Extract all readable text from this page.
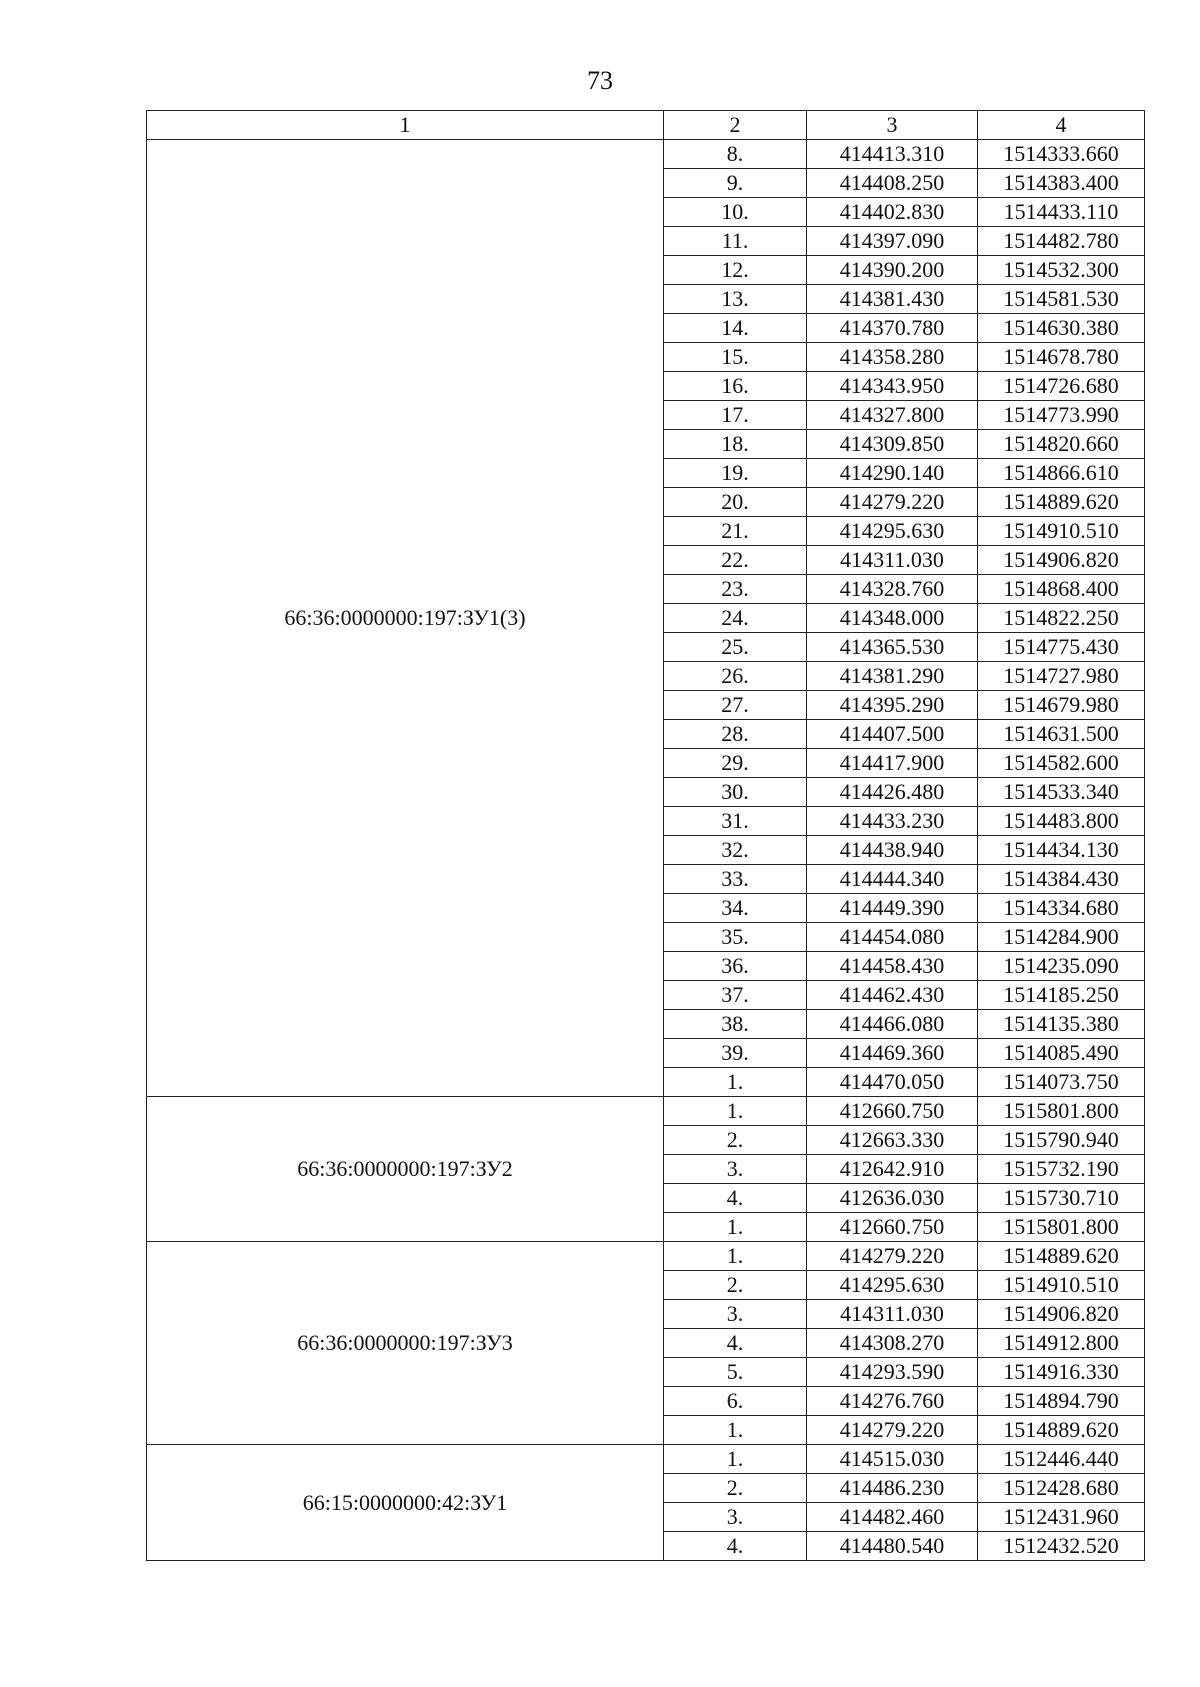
73
1	2	3	4
66:36:0000000:197:ЗУ1(3)	8.	414413.310	1514333.660
	9.	414408.250	1514383.400
	10.	414402.830	1514433.110
	11.	414397.090	1514482.780
	12.	414390.200	1514532.300
	13.	414381.430	1514581.530
	14.	414370.780	1514630.380
	15.	414358.280	1514678.780
	16.	414343.950	1514726.680
	17.	414327.800	1514773.990
	18.	414309.850	1514820.660
	19.	414290.140	1514866.610
	20.	414279.220	1514889.620
	21.	414295.630	1514910.510
	22.	414311.030	1514906.820
	23.	414328.760	1514868.400
	24.	414348.000	1514822.250
	25.	414365.530	1514775.430
	26.	414381.290	1514727.980
	27.	414395.290	1514679.980
	28.	414407.500	1514631.500
	29.	414417.900	1514582.600
	30.	414426.480	1514533.340
	31.	414433.230	1514483.800
	32.	414438.940	1514434.130
	33.	414444.340	1514384.430
	34.	414449.390	1514334.680
	35.	414454.080	1514284.900
	36.	414458.430	1514235.090
	37.	414462.430	1514185.250
	38.	414466.080	1514135.380
	39.	414469.360	1514085.490
	1.	414470.050	1514073.750
66:36:0000000:197:ЗУ2	1.	412660.750	1515801.800
	2.	412663.330	1515790.940
	3.	412642.910	1515732.190
	4.	412636.030	1515730.710
	1.	412660.750	1515801.800
66:36:0000000:197:ЗУ3	1.	414279.220	1514889.620
	2.	414295.630	1514910.510
	3.	414311.030	1514906.820
	4.	414308.270	1514912.800
	5.	414293.590	1514916.330
	6.	414276.760	1514894.790
	1.	414279.220	1514889.620
66:15:0000000:42:ЗУ1	1.	414515.030	1512446.440
	2.	414486.230	1512428.680
	3.	414482.460	1512431.960
	4.	414480.540	1512432.520
